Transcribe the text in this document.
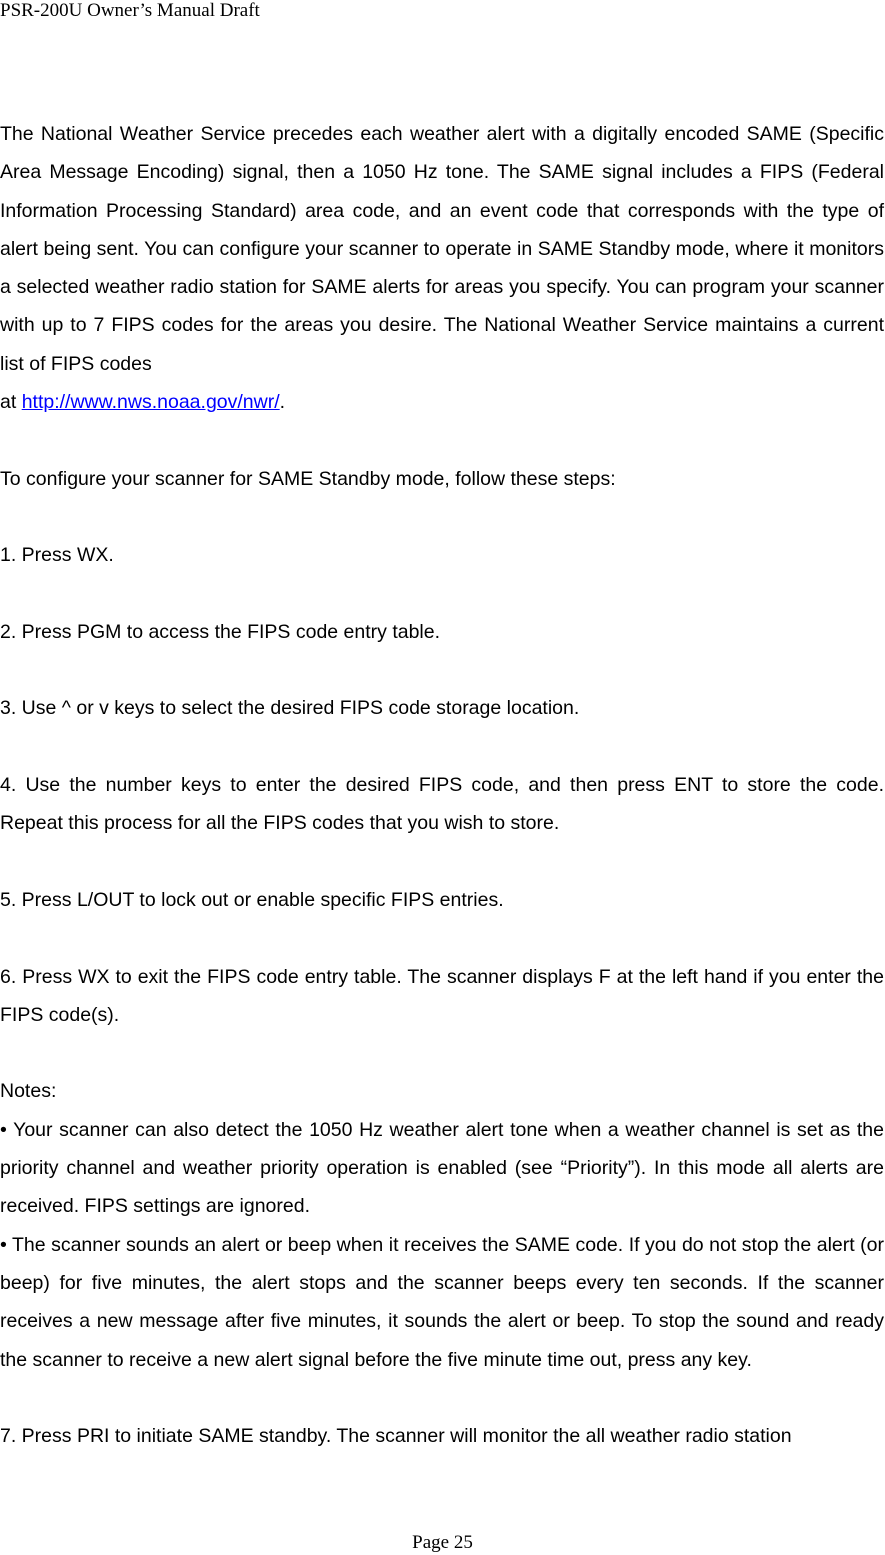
PSR-200U Owner’s Manual Draft

The National Weather Service precedes each weather alert with a digitally encoded SAME (Specific Area Message Encoding) signal, then a 1050 Hz tone. The SAME signal includes a FIPS (Federal Information Processing Standard) area code, and an event code that corresponds with the type of alert being sent. You can configure your scanner to operate in SAME Standby mode, where it monitors a selected weather radio station for SAME alerts for areas you specify. You can program your scanner with up to 7 FIPS codes for the areas you desire. The National Weather Service maintains a current list of FIPS codes
at http://www.nws.noaa.gov/nwr/.

To configure your scanner for SAME Standby mode, follow these steps:

1. Press WX.

2. Press PGM to access the FIPS code entry table.

3. Use ^ or v keys to select the desired FIPS code storage location.

4. Use the number keys to enter the desired FIPS code, and then press ENT to store the code. Repeat this process for all the FIPS codes that you wish to store.

5. Press L/OUT to lock out or enable specific FIPS entries.

6. Press WX to exit the FIPS code entry table. The scanner displays F at the left hand if you enter the FIPS code(s).

Notes:

• Your scanner can also detect the 1050 Hz weather alert tone when a weather channel is set as the priority channel and weather priority operation is enabled (see “Priority”). In this mode all alerts are received. FIPS settings are ignored.

• The scanner sounds an alert or beep when it receives the SAME code. If you do not stop the alert (or beep) for five minutes, the alert stops and the scanner beeps every ten seconds. If the scanner receives a new message after five minutes, it sounds the alert or beep. To stop the sound and ready the scanner to receive a new alert signal before the five minute time out, press any key.

7. Press PRI to initiate SAME standby. The scanner will monitor the all weather radio station

Page 25
